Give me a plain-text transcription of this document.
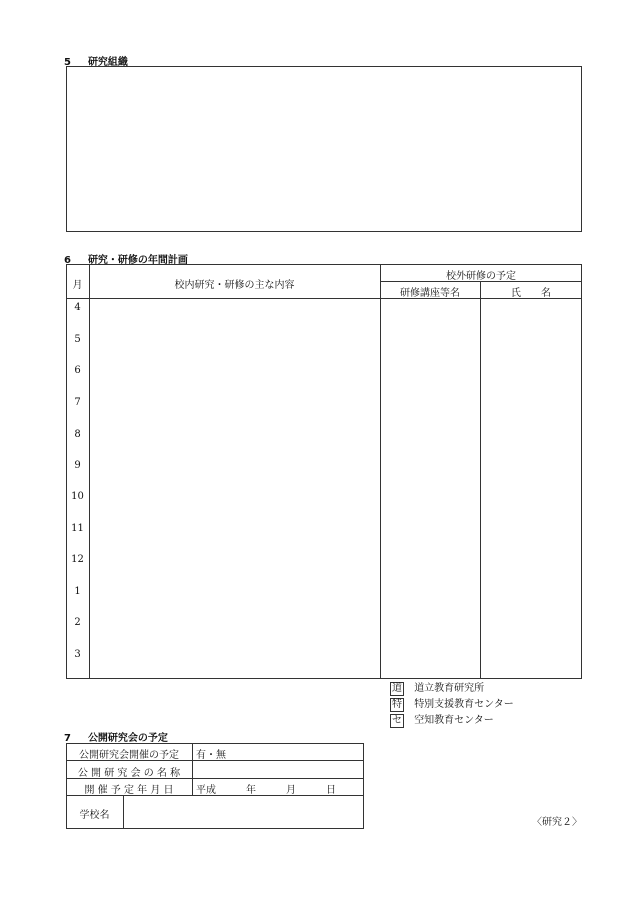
5 研究組織
6 研究・研修の年間計画
月	校内研究・研修の主な内容
校外研修の予定
研修講座等名	氏　　名
4
5
6
7
8
9
10
11
12
1
2
3
道 道立教育研究所
特 特別支援教育センター
セ 空知教育センター
7 公開研究会の予定
公開研究会開催の予定	有・無
公 開 研 究 会 の 名 称
開 催 予 定 年 月 日	平成　　　年　　　月　　　日
学校名
〈研究２〉
